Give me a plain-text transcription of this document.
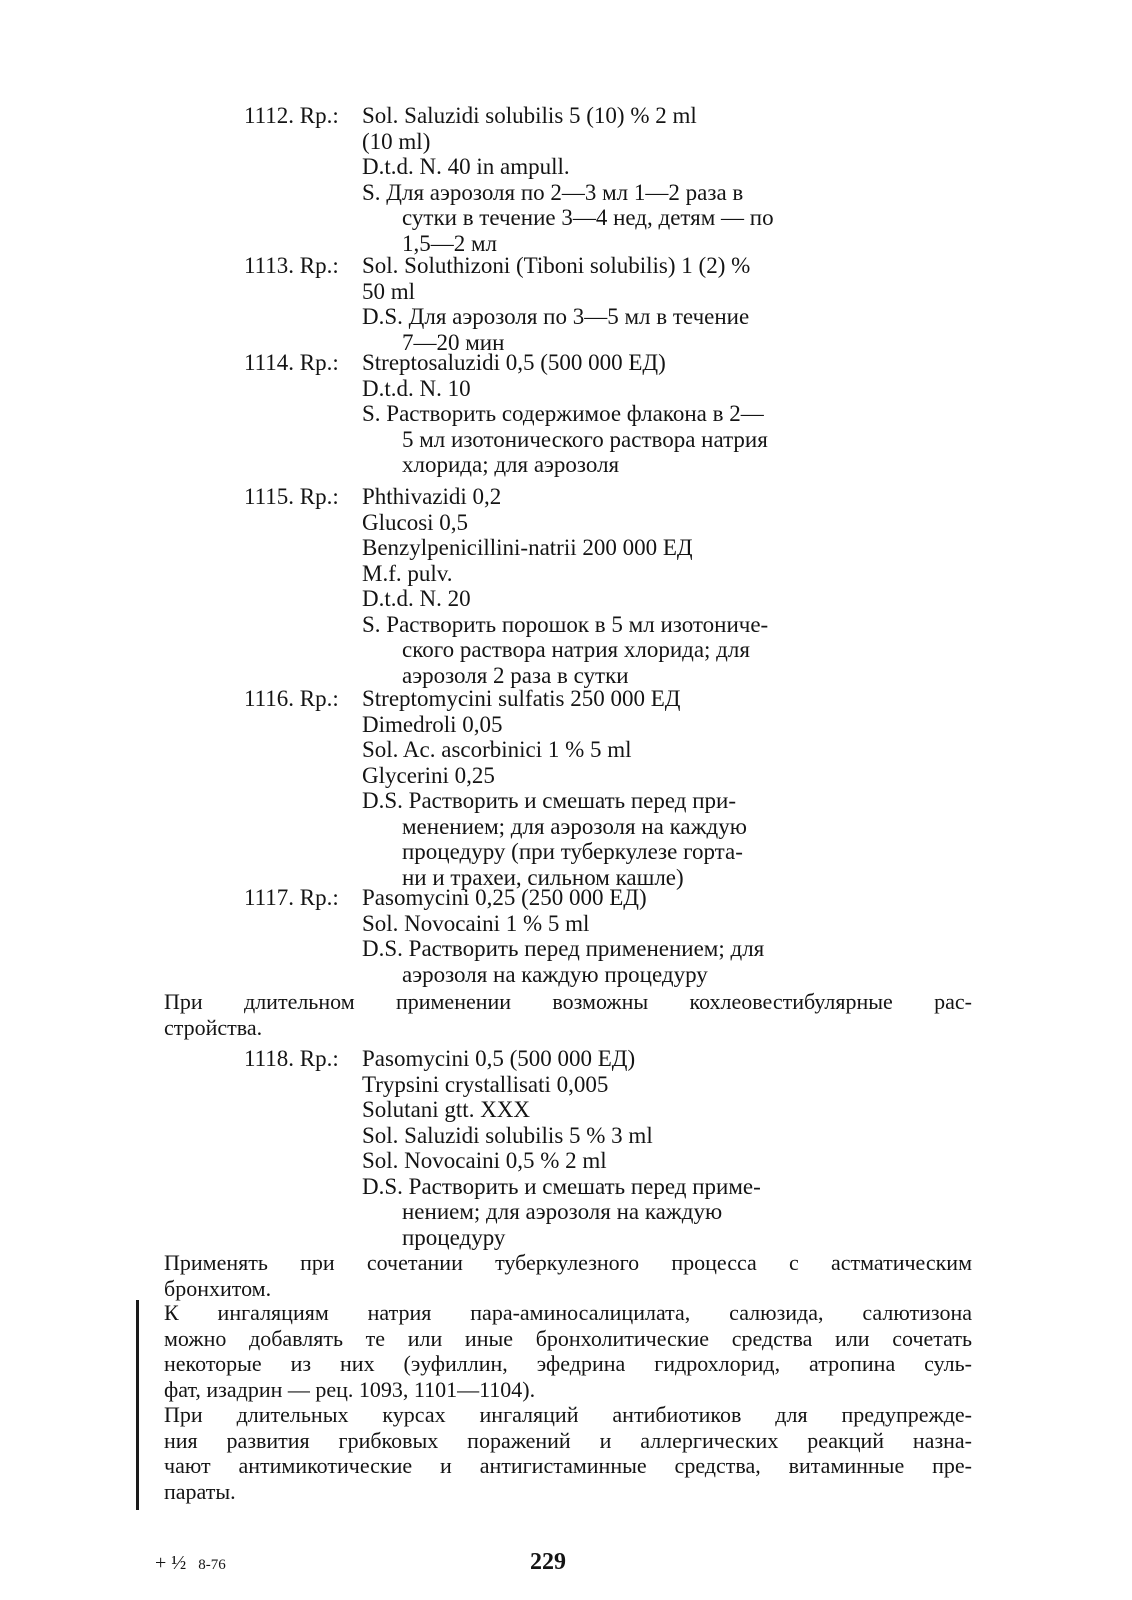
1112. Rp.:	Sol. Saluzidi solubilis 5 (10) % 2 ml
(10 ml)
D.t.d. N. 40 in ampull.
S. Для аэрозоля по 2—3 мл 1—2 раза в
сутки в течение 3—4 нед, детям — по
1,5—2 мл
1113. Rp.:	Sol. Soluthizoni (Tiboni solubilis) 1 (2) %
50 ml
D.S. Для аэрозоля по 3—5 мл в течение
7—20 мин
1114. Rp.:	Streptosaluzidi 0,5 (500 000 ЕД)
D.t.d. N. 10
S. Растворить содержимое флакона в 2—
5 мл изотонического раствора натрия
хлорида; для аэрозоля
1115. Rp.:	Phthivazidi 0,2
Glucosi 0,5
Benzylpenicillini-natrii 200 000 ЕД
M.f. pulv.
D.t.d. N. 20
S. Растворить порошок в 5 мл изотониче-
ского раствора натрия хлорида; для
аэрозоля 2 раза в сутки
1116. Rp.:	Streptomycini sulfatis 250 000 ЕД
Dimedroli 0,05
Sol. Ac. ascorbinici 1 % 5 ml
Glycerini 0,25
D.S. Растворить и смешать перед при-
менением; для аэрозоля на каждую
процедуру (при туберкулезе горта-
ни и трахеи, сильном кашле)
1117. Rp.:	Pasomycini 0,25 (250 000 ЕД)
Sol. Novocaini 1 % 5 ml
D.S. Растворить перед применением; для
аэрозоля на каждую процедуру
При длительном применении возможны кохлеовестибулярные рас-
стройства.
1118. Rp.:	Pasomycini 0,5 (500 000 ЕД)
Trypsini crystallisati 0,005
Solutani gtt. XXX
Sol. Saluzidi solubilis 5 % 3 ml
Sol. Novocaini 0,5 % 2 ml
D.S. Растворить и смешать перед приме-
нением; для аэрозоля на каждую
процедуру
Применять при сочетании туберкулезного процесса с астматическим
бронхитом.
К ингаляциям натрия пара-аминосалицилата, салюзида, салютизона
можно добавлять те или иные бронхолитические средства или сочетать
некоторые из них (эуфиллин, эфедрина гидрохлорид, атропина суль-
фат, изадрин — рец. 1093, 1101—1104).
При длительных курсах ингаляций антибиотиков для предупрежде-
ния развития грибковых поражений и аллергических реакций назна-
чают антимикотические и антигистаминные средства, витаминные пре-
параты.
+ ½ 8-76	229
